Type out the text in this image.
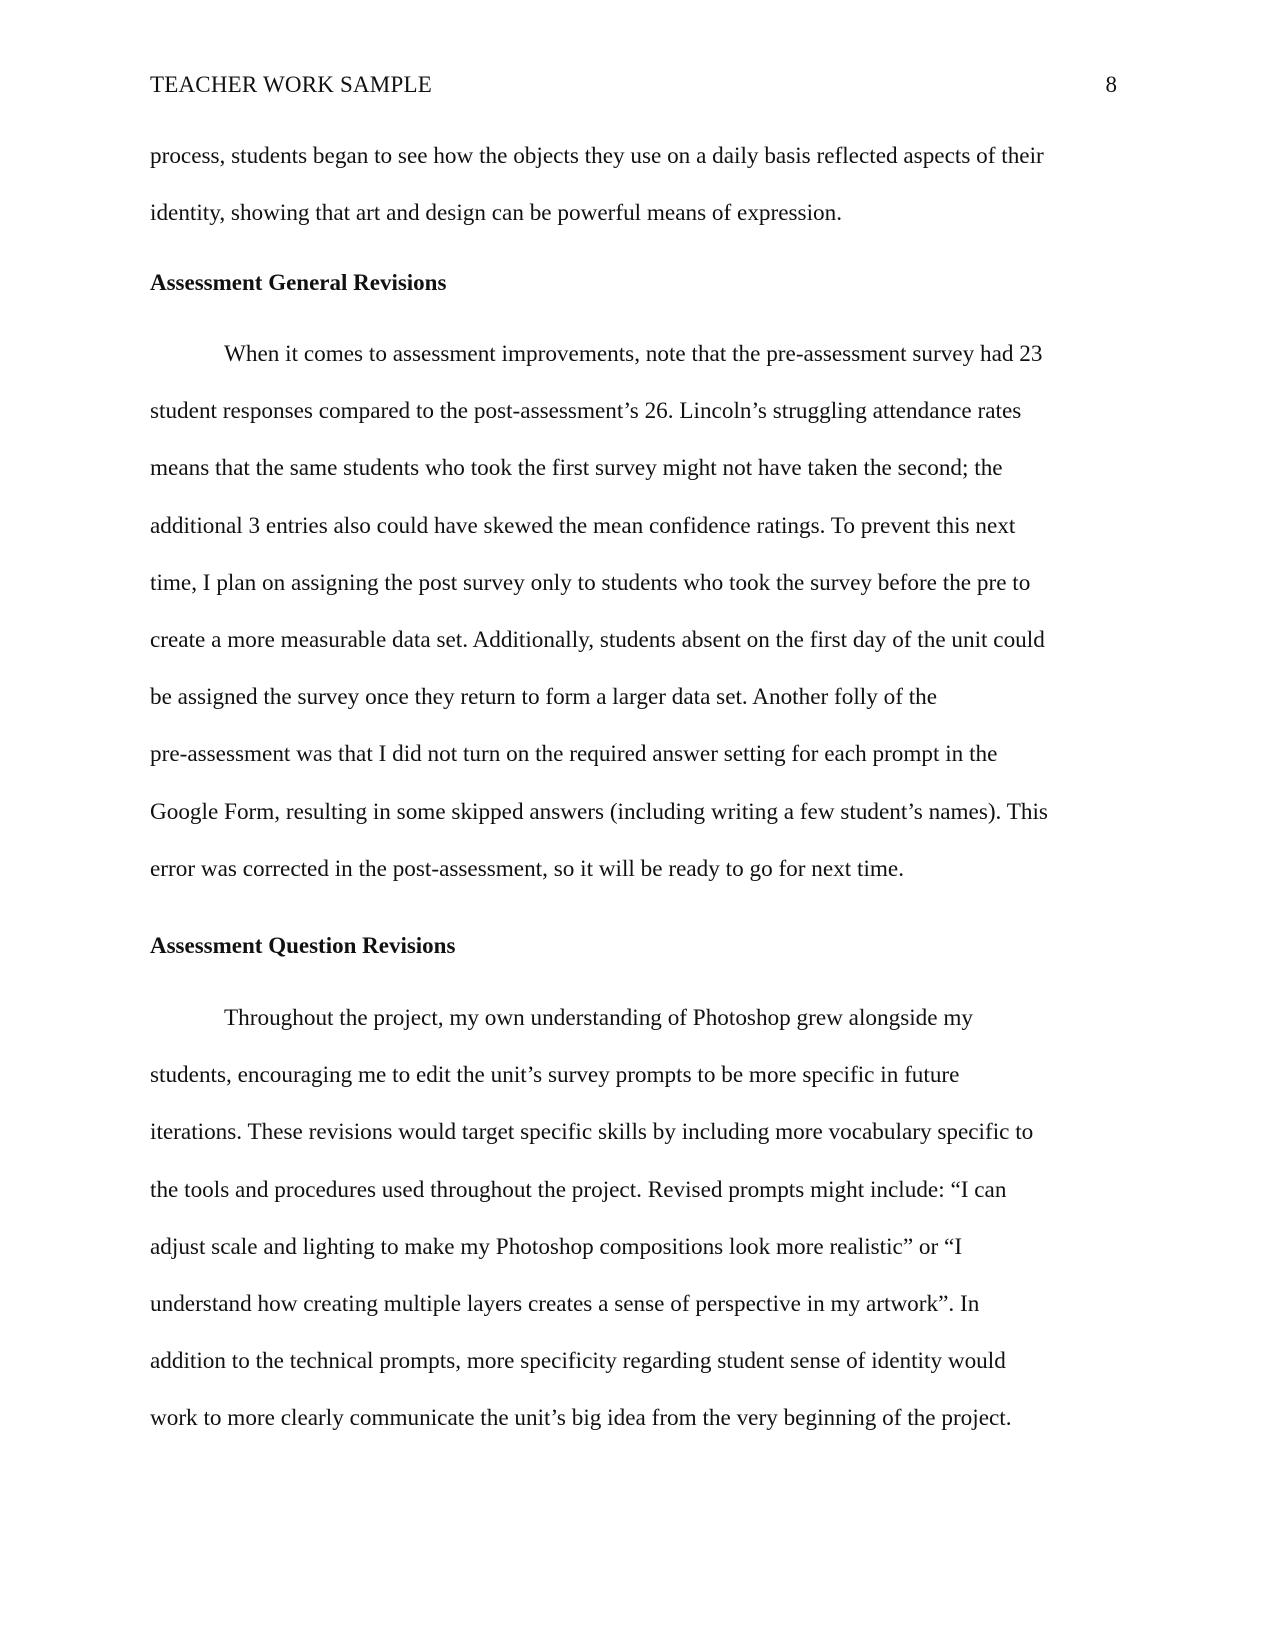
TEACHER WORK SAMPLE	8
process, students began to see how the objects they use on a daily basis reflected aspects of their
identity, showing that art and design can be powerful means of expression.
Assessment General Revisions
When it comes to assessment improvements, note that the pre-assessment survey had 23
student responses compared to the post-assessment’s 26. Lincoln’s struggling attendance rates
means that the same students who took the first survey might not have taken the second; the
additional 3 entries also could have skewed the mean confidence ratings. To prevent this next
time, I plan on assigning the post survey only to students who took the survey before the pre to
create a more measurable data set. Additionally, students absent on the first day of the unit could
be assigned the survey once they return to form a larger data set. Another folly of the
pre-assessment was that I did not turn on the required answer setting for each prompt in the
Google Form, resulting in some skipped answers (including writing a few student’s names). This
error was corrected in the post-assessment, so it will be ready to go for next time.
Assessment Question Revisions
Throughout the project, my own understanding of Photoshop grew alongside my
students, encouraging me to edit the unit’s survey prompts to be more specific in future
iterations. These revisions would target specific skills by including more vocabulary specific to
the tools and procedures used throughout the project. Revised prompts might include: “I can
adjust scale and lighting to make my Photoshop compositions look more realistic” or “I
understand how creating multiple layers creates a sense of perspective in my artwork”. In
addition to the technical prompts, more specificity regarding student sense of identity would
work to more clearly communicate the unit’s big idea from the very beginning of the project.
